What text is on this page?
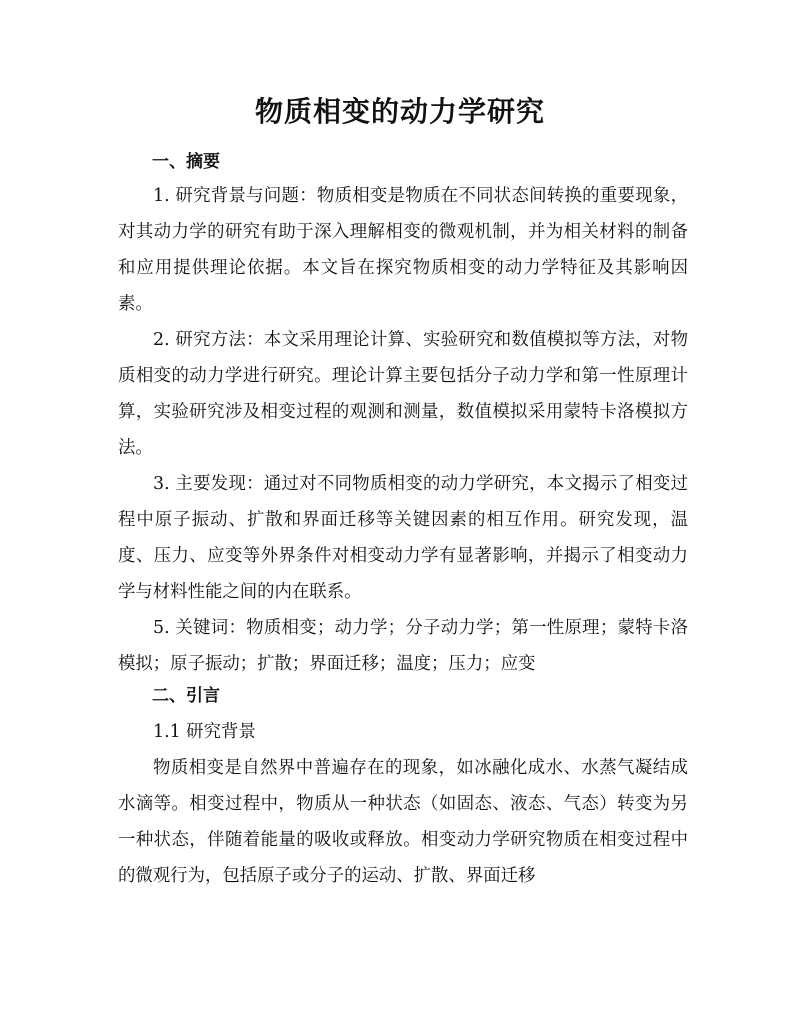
物质相变的动力学研究
一、摘要

1. 研究背景与问题：物质相变是物质在不同状态间转换的重要现象，对其动力学的研究有助于深入理解相变的微观机制，并为相关材料的制备和应用提供理论依据。本文旨在探究物质相变的动力学特征及其影响因素。

2. 研究方法：本文采用理论计算、实验研究和数值模拟等方法，对物质相变的动力学进行研究。理论计算主要包括分子动力学和第一性原理计算，实验研究涉及相变过程的观测和测量，数值模拟采用蒙特卡洛模拟方法。

3. 主要发现：通过对不同物质相变的动力学研究，本文揭示了相变过程中原子振动、扩散和界面迁移等关键因素的相互作用。研究发现，温度、压力、应变等外界条件对相变动力学有显著影响，并揭示了相变动力学与材料性能之间的内在联系。

5. 关键词：物质相变；动力学；分子动力学；第一性原理；蒙特卡洛模拟；原子振动；扩散；界面迁移；温度；压力；应变

二、引言
1.1 研究背景

物质相变是自然界中普遍存在的现象，如冰融化成水、水蒸气凝结成水滴等。相变过程中，物质从一种状态（如固态、液态、气态）转变为另一种状态，伴随着能量的吸收或释放。相变动力学研究物质在相变过程中的微观行为，包括原子或分子的运动、扩散、界面迁移
